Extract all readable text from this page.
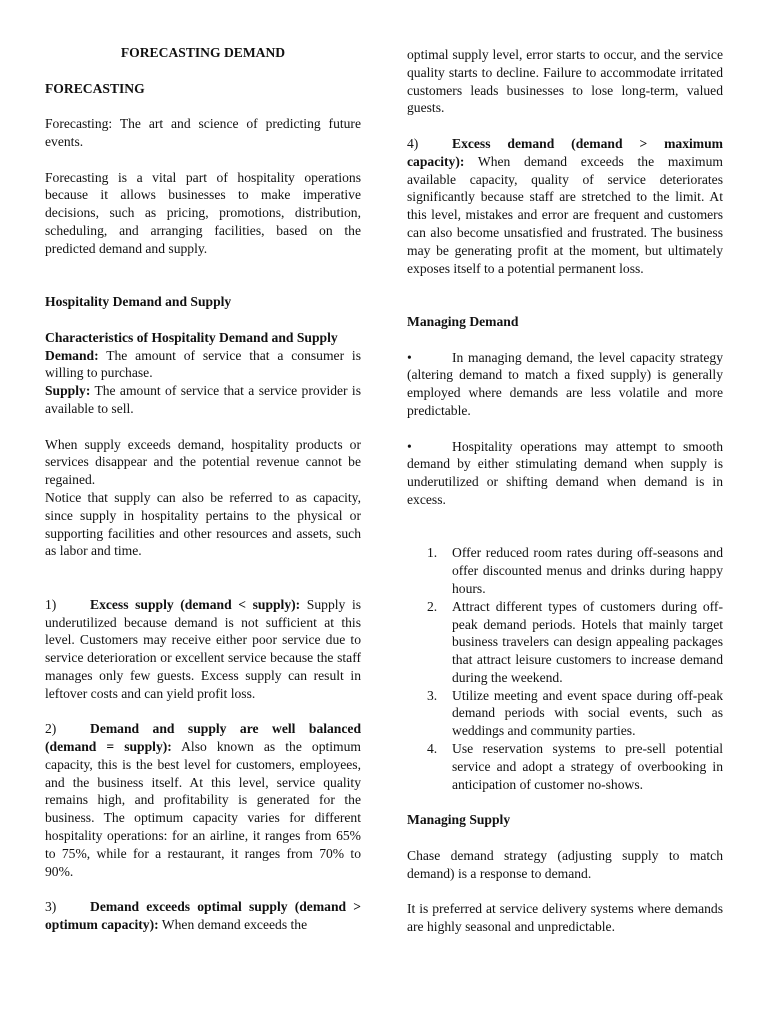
FORECASTING DEMAND

FORECASTING

Forecasting: The art and science of predicting future events.

Forecasting is a vital part of hospitality operations because it allows businesses to make imperative decisions, such as pricing, promotions, distribution, scheduling, and arranging facilities, based on the predicted demand and supply.

Hospitality Demand and Supply

Characteristics of Hospitality Demand and Supply

Demand: The amount of service that a consumer is willing to purchase.

Supply: The amount of service that a service provider is available to sell.

When supply exceeds demand, hospitality products or services disappear and the potential revenue cannot be regained.

Notice that supply can also be referred to as capacity, since supply in hospitality pertains to the physical or supporting facilities and other resources and assets, such as labor and time.

1) Excess supply (demand < supply): Supply is underutilized because demand is not sufficient at this level. Customers may receive either poor service due to service deterioration or excellent service because the staff manages only few guests. Excess supply can result in leftover costs and can yield profit loss.

2) Demand and supply are well balanced (demand = supply): Also known as the optimum capacity, this is the best level for customers, employees, and the business itself. At this level, service quality remains high, and profitability is generated for the business. The optimum capacity varies for different hospitality operations: for an airline, it ranges from 65% to 75%, while for a restaurant, it ranges from 70% to 90%.

3) Demand exceeds optimal supply (demand > optimum capacity): When demand exceeds the

optimal supply level, error starts to occur, and the service quality starts to decline. Failure to accommodate irritated customers leads businesses to lose long-term, valued guests.

4) Excess demand (demand > maximum capacity): When demand exceeds the maximum available capacity, quality of service deteriorates significantly because staff are stretched to the limit. At this level, mistakes and error are frequent and customers can also become unsatisfied and frustrated. The business may be generating profit at the moment, but ultimately exposes itself to a potential permanent loss.

Managing Demand

•	In managing demand, the level capacity strategy (altering demand to match a fixed supply) is generally employed where demands are less volatile and more predictable.

•	Hospitality operations may attempt to smooth demand by either stimulating demand when supply is underutilized or shifting demand when demand is in excess.

1.	Offer reduced room rates during off-seasons and offer discounted menus and drinks during happy hours.
2.	Attract different types of customers during off-peak demand periods. Hotels that mainly target business travelers can design appealing packages that attract leisure customers to increase demand during the weekend.
3.	Utilize meeting and event space during off-peak demand periods with social events, such as weddings and community parties.
4.	Use reservation systems to pre-sell potential service and adopt a strategy of overbooking in anticipation of customer no-shows.

Managing Supply

Chase demand strategy (adjusting supply to match demand) is a response to demand.

It is preferred at service delivery systems where demands are highly seasonal and unpredictable.
